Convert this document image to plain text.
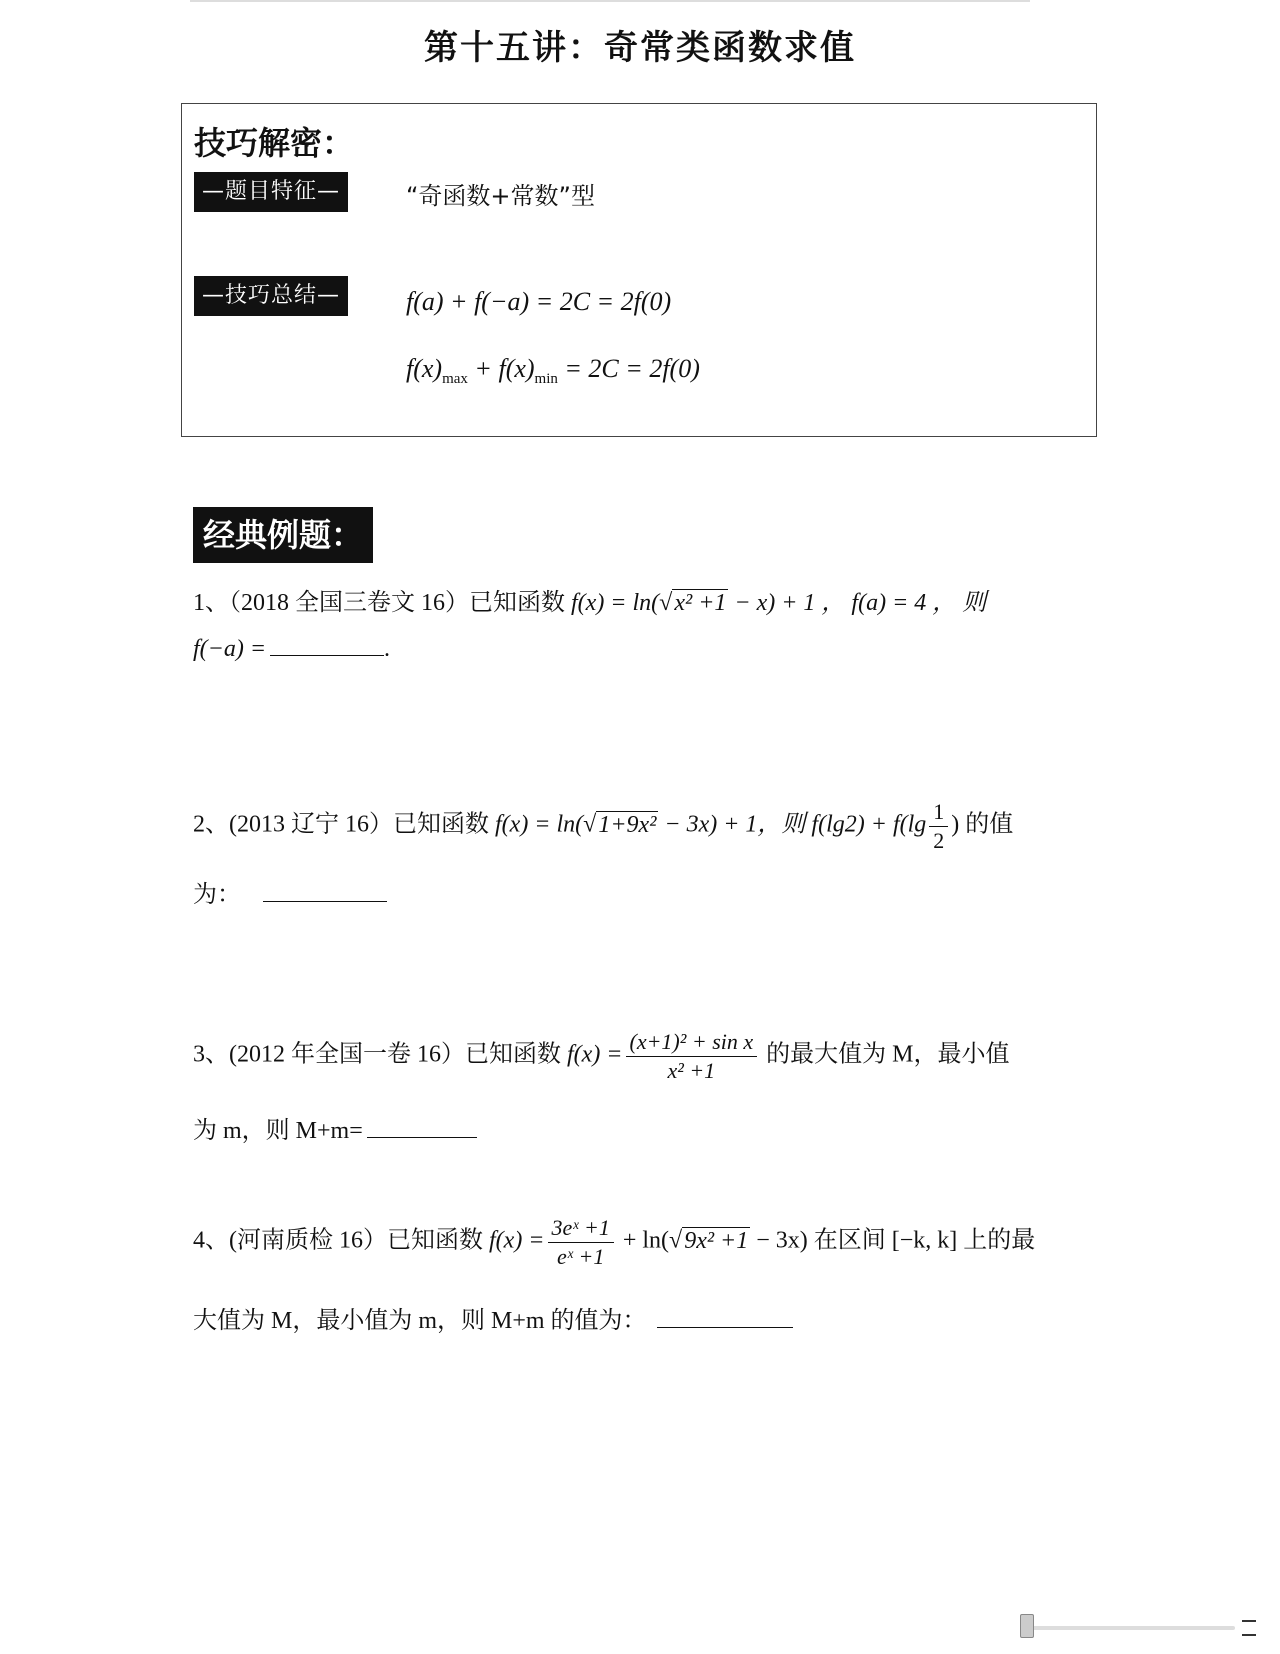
第十五讲：奇常类函数求值
技巧解密：
—题目特征—	“奇函数+常数”型
—技巧总结—	f(a) + f(−a) = 2C = 2f(0)
$f(x)_{max} + f(x)_{min} = 2C = 2f(0)$
经典例题：
1、（2018 全国三卷文 16）已知函数 f(x) = ln(√x² +1 − x) + 1 ， f(a) = 4 ， 则
f(−a) =	.
2、(2013 辽宁 16）已知函数 f(x) = ln(√1+9x² − 3x) + 1，则 $f(\lg 2) + f(\lg \frac{1}{2}$ ) 的值
为：
3、(2012 年全国一卷 16）已知函数 $f(x) = \frac{\text{(x+1)² + sin x}}{\text{x² +1}}$ 的最大值为 M，最小值
为 m，则 M+m=
4、(河南质检 16）已知函数 $f(x) = \frac{\text{3eˣ +1}}{\text{eˣ +1}} + \ln(√9x^2 +1 - 3x)$ 在区间 [−k, k] 上的最
大值为 M，最小值为 m，则 M+m 的值为：
